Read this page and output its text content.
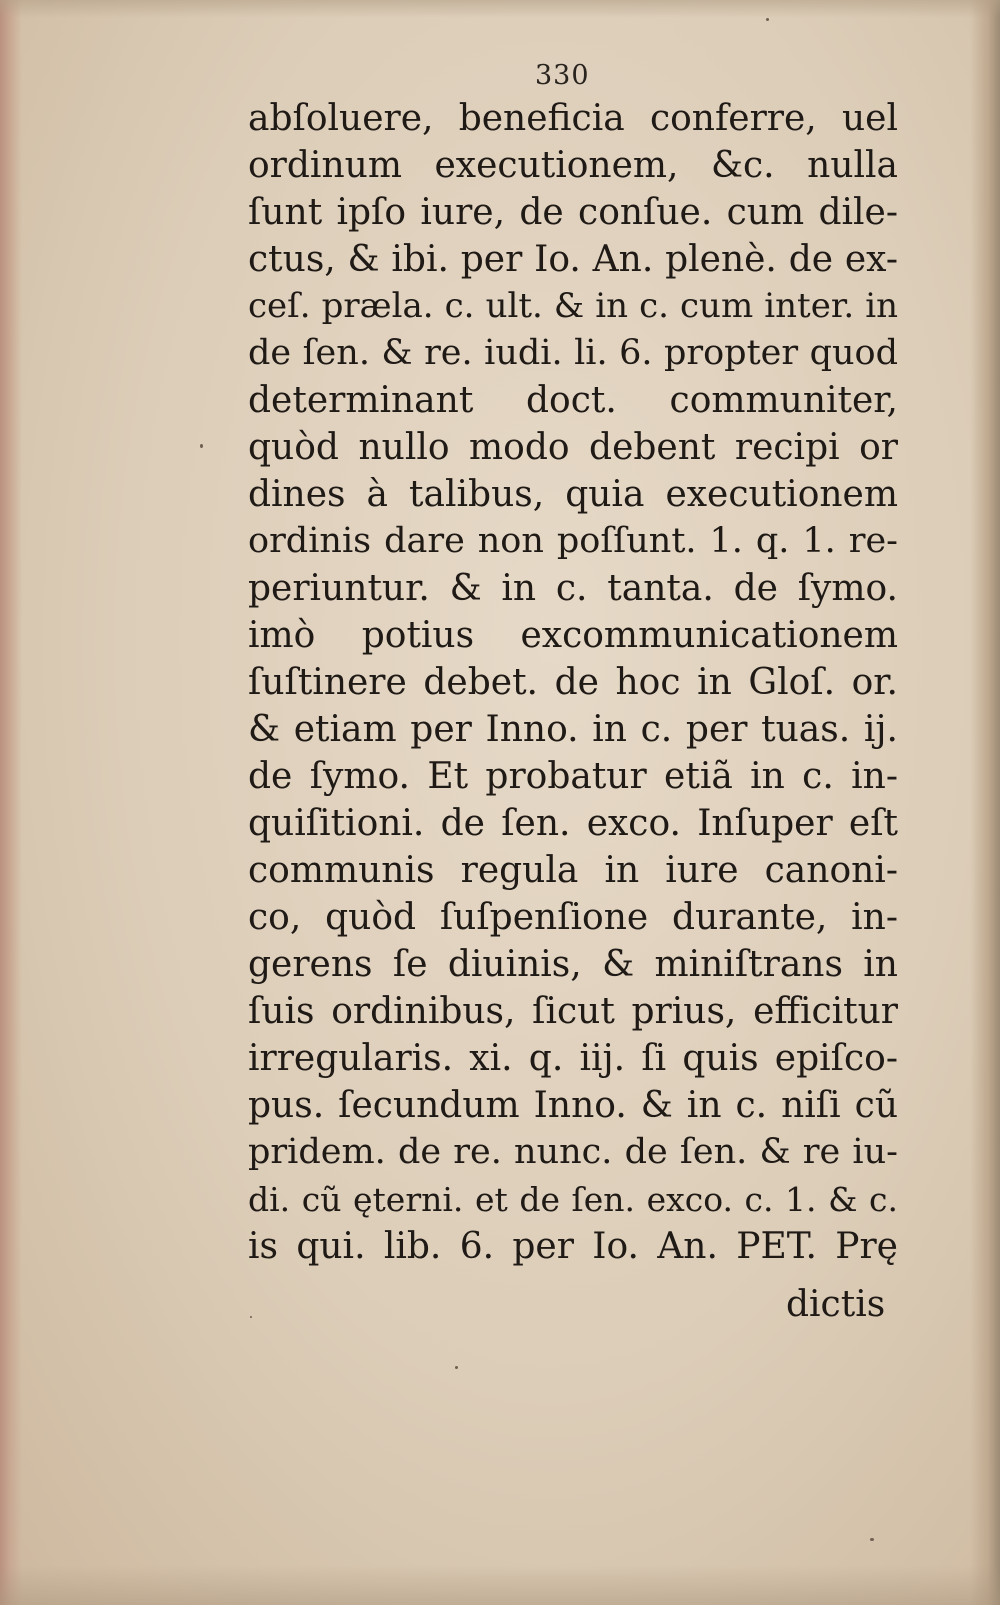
330
abſoluere, beneficia conferre, uel
ordinum executionem, &c. nulla
ſunt ipſo iure, de conſue. cum dile-
ctus, & ibi. per Io. An. plenè. de ex-
ceſ. præla. c. ult. & in c. cum inter. in
de ſen. & re. iudi. li. 6. propter quod
determinant doct. communiter,
quòd nullo modo debent recipi or
dines à talibus, quia executionem
ordinis dare non poſſunt. 1. q. 1. re-
periuntur. & in c. tanta. de ſymo.
imò potius excommunicationem
ſuſtinere debet. de hoc in Gloſ. or.
& etiam per Inno. in c. per tuas. ij.
de ſymo. Et probatur etiã in c. in-
quiſitioni. de ſen. exco. Inſuper eſt
communis regula in iure canoni-
co, quòd ſuſpenſione durante, in-
gerens ſe diuinis, & miniſtrans in
ſuis ordinibus, ſicut prius, efficitur
irregularis. xi. q. iij. ſi quis epiſco-
pus. ſecundum Inno. & in c. niſi cũ
pridem. de re. nunc. de ſen. & re iu-
di. cũ ęterni. et de ſen. exco. c. 1. & c.
is qui. lib. 6. per Io. An. PET. Prę
dictis
